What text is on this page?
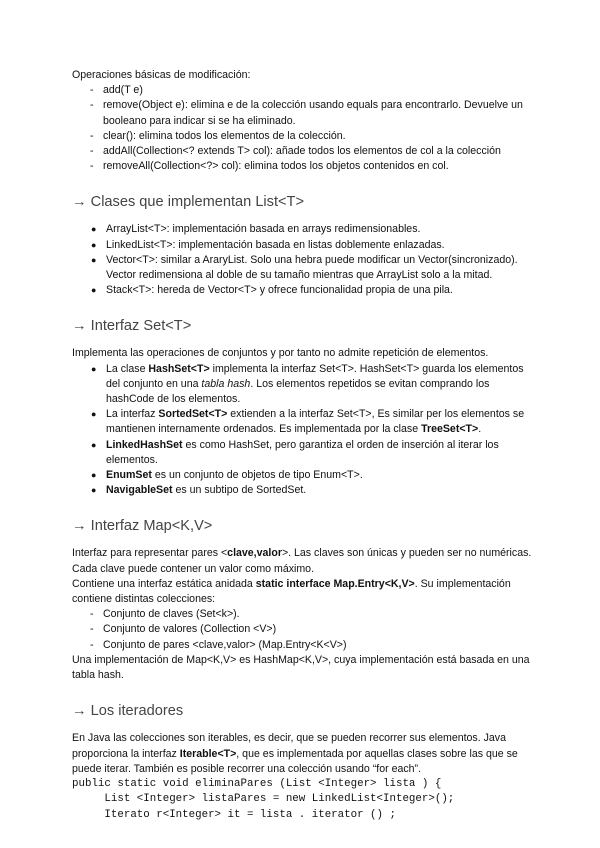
Operaciones básicas de modificación:

- add(T e)
- remove(Object e): elimina e de la colección usando equals para encontrarlo. Devuelve un booleano para indicar si se ha eliminado.
- clear(): elimina todos los elementos de la colección.
- addAll(Collection<? extends T> col): añade todos los elementos de col a la colección
- removeAll(Collection<?> col): elimina todos los objetos contenidos en col.
→ Clases que implementan List<T>
● ArrayList<T>: implementación basada en arrays redimensionables.
● LinkedList<T>: implementación basada en listas doblemente enlazadas.
● Vector<T>: similar a AraryList. Solo una hebra puede modificar un Vector(sincronizado). Vector redimensiona al doble de su tamaño mientras que ArrayList solo a la mitad.
● Stack<T>: hereda de Vector<T> y ofrece funcionalidad propia de una pila.
→ Interfaz Set<T>

Implementa las operaciones de conjuntos y por tanto no admite repetición de elementos.

● La clase HashSet<T> implementa la interfaz Set<T>. HashSet<T> guarda los elementos del conjunto en una tabla hash. Los elementos repetidos se evitan comprando los hashCode de los elementos.
● La interfaz SortedSet<T> extienden a la interfaz Set<T>, Es similar per los elementos se mantienen internamente ordenados. Es implementada por la clase TreeSet<T>.
● LinkedHashSet es como HashSet, pero garantiza el orden de inserción al iterar los elementos.
● EnumSet es un conjunto de objetos de tipo Enum<T>.
● NavigableSet es un subtipo de SortedSet.
→ Interfaz Map<K,V>

Interfaz para representar pares <clave,valor>. Las claves son únicas y pueden ser no numéricas. Cada clave puede contener un valor como máximo.

Contiene una interfaz estática anidada static interface Map.Entry<K,V>. Su implementación contiene distintas colecciones:

- Conjunto de claves (Set<k>).
- Conjunto de valores (Collection <V>)
- Conjunto de pares <clave,valor> (Map.Entry<K<V>)

Una implementación de Map<K,V> es HashMap<K,V>, cuya implementación está basada en una tabla hash.

→ Los iteradores

En Java las colecciones son iterables, es decir, que se pueden recorrer sus elementos. Java proporciona la interfaz Iterable<T>, que es implementada por aquellas clases sobre las que se puede iterar. También es posible recorrer una colección usando “for each”.

public static void eliminaPares (List <Integer> lista ) {

List <Integer> listaPares = new LinkedList<Integer>();

Iterato r<Integer> it = lista . iterator () ;
